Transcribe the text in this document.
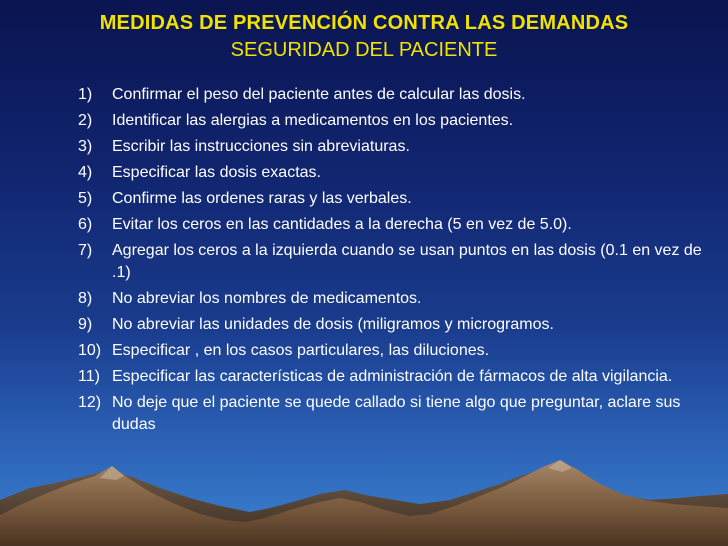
MEDIDAS DE PREVENCIÓN CONTRA LAS DEMANDAS
SEGURIDAD DEL PACIENTE
1) Confirmar el peso del paciente antes de calcular las dosis.
2) Identificar las alergias a medicamentos en los pacientes.
3) Escribir las instrucciones sin abreviaturas.
4) Especificar las dosis exactas.
5) Confirme las ordenes raras y las verbales.
6) Evitar los ceros en las cantidades a la derecha (5 en vez de 5.0).
7) Agregar los ceros a la izquierda cuando se usan puntos en las dosis (0.1 en vez de .1)
8) No abreviar los nombres de medicamentos.
9) No abreviar las unidades de dosis (miligramos y microgramos.
10) Especificar , en los casos particulares, las diluciones.
11) Especificar las características de administración de fármacos de alta vigilancia.
12) No deje que el paciente se quede callado si tiene algo que preguntar, aclare sus dudas
